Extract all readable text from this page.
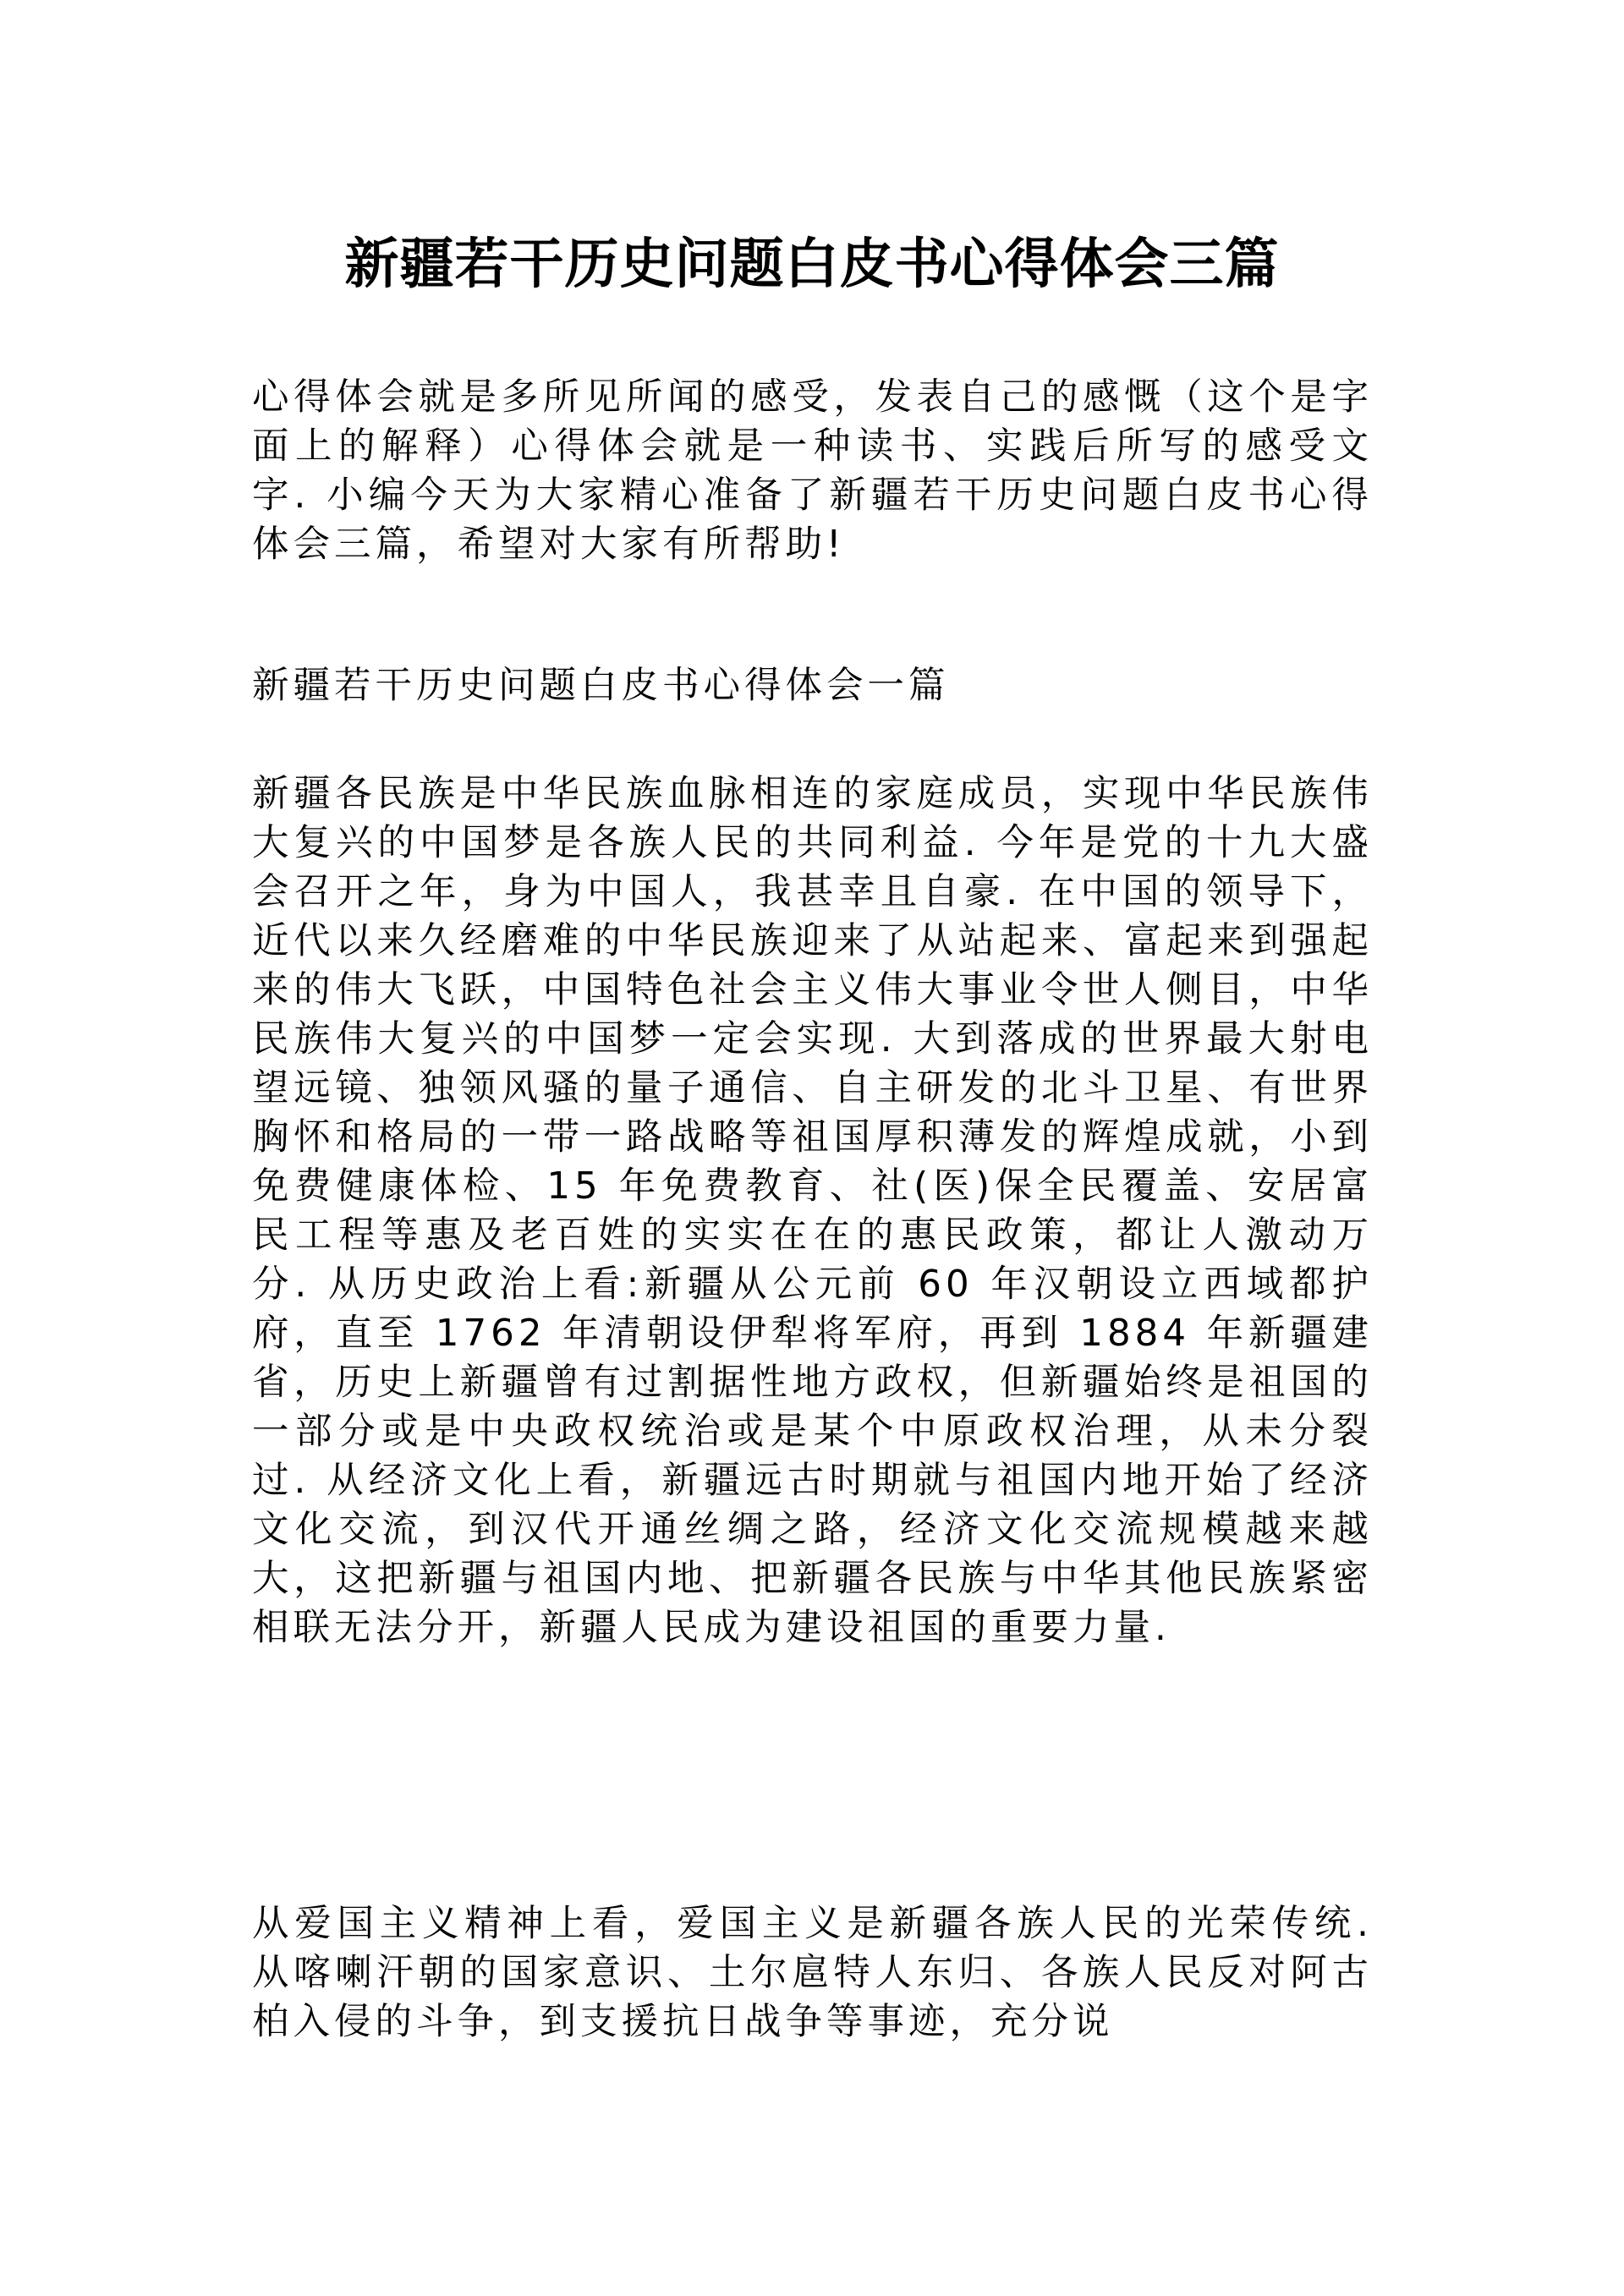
新疆若干历史问题白皮书心得体会三篇

心得体会就是多所见所闻的感受，发表自己的感慨（这个是字面上的解释）心得体会就是一种读书、实践后所写的感受文字. 小编今天为大家精心准备了新疆若干历史问题白皮书心得体会三篇，希望对大家有所帮助!

新疆若干历史问题白皮书心得体会一篇

新疆各民族是中华民族血脉相连的家庭成员，实现中华民族伟大复兴的中国梦是各族人民的共同利益. 今年是党的十九大盛会召开之年，身为中国人，我甚幸且自豪. 在中国的领导下，近代以来久经磨难的中华民族迎来了从站起来、富起来到强起来的伟大飞跃，中国特色社会主义伟大事业令世人侧目，中华民族伟大复兴的中国梦一定会实现. 大到落成的世界最大射电望远镜、独领风骚的量子通信、自主研发的北斗卫星、有世界胸怀和格局的一带一路战略等祖国厚积薄发的辉煌成就，小到免费健康体检、15 年免费教育、社(医)保全民覆盖、安居富民工程等惠及老百姓的实实在在的惠民政策，都让人激动万分. 从历史政治上看:新疆从公元前 60 年汉朝设立西域都护府，直至 1762 年清朝设伊犁将军府，再到 1884 年新疆建省，历史上新疆曾有过割据性地方政权，但新疆始终是祖国的一部分或是中央政权统治或是某个中原政权治理，从未分裂过. 从经济文化上看，新疆远古时期就与祖国内地开始了经济文化交流，到汉代开通丝绸之路，经济文化交流规模越来越大，这把新疆与祖国内地、把新疆各民族与中华其他民族紧密相联无法分开，新疆人民成为建设祖国的重要力量.

从爱国主义精神上看，爱国主义是新疆各族人民的光荣传统. 从喀喇汗朝的国家意识、土尔扈特人东归、各族人民反对阿古柏入侵的斗争，到支援抗日战争等事迹，充分说
